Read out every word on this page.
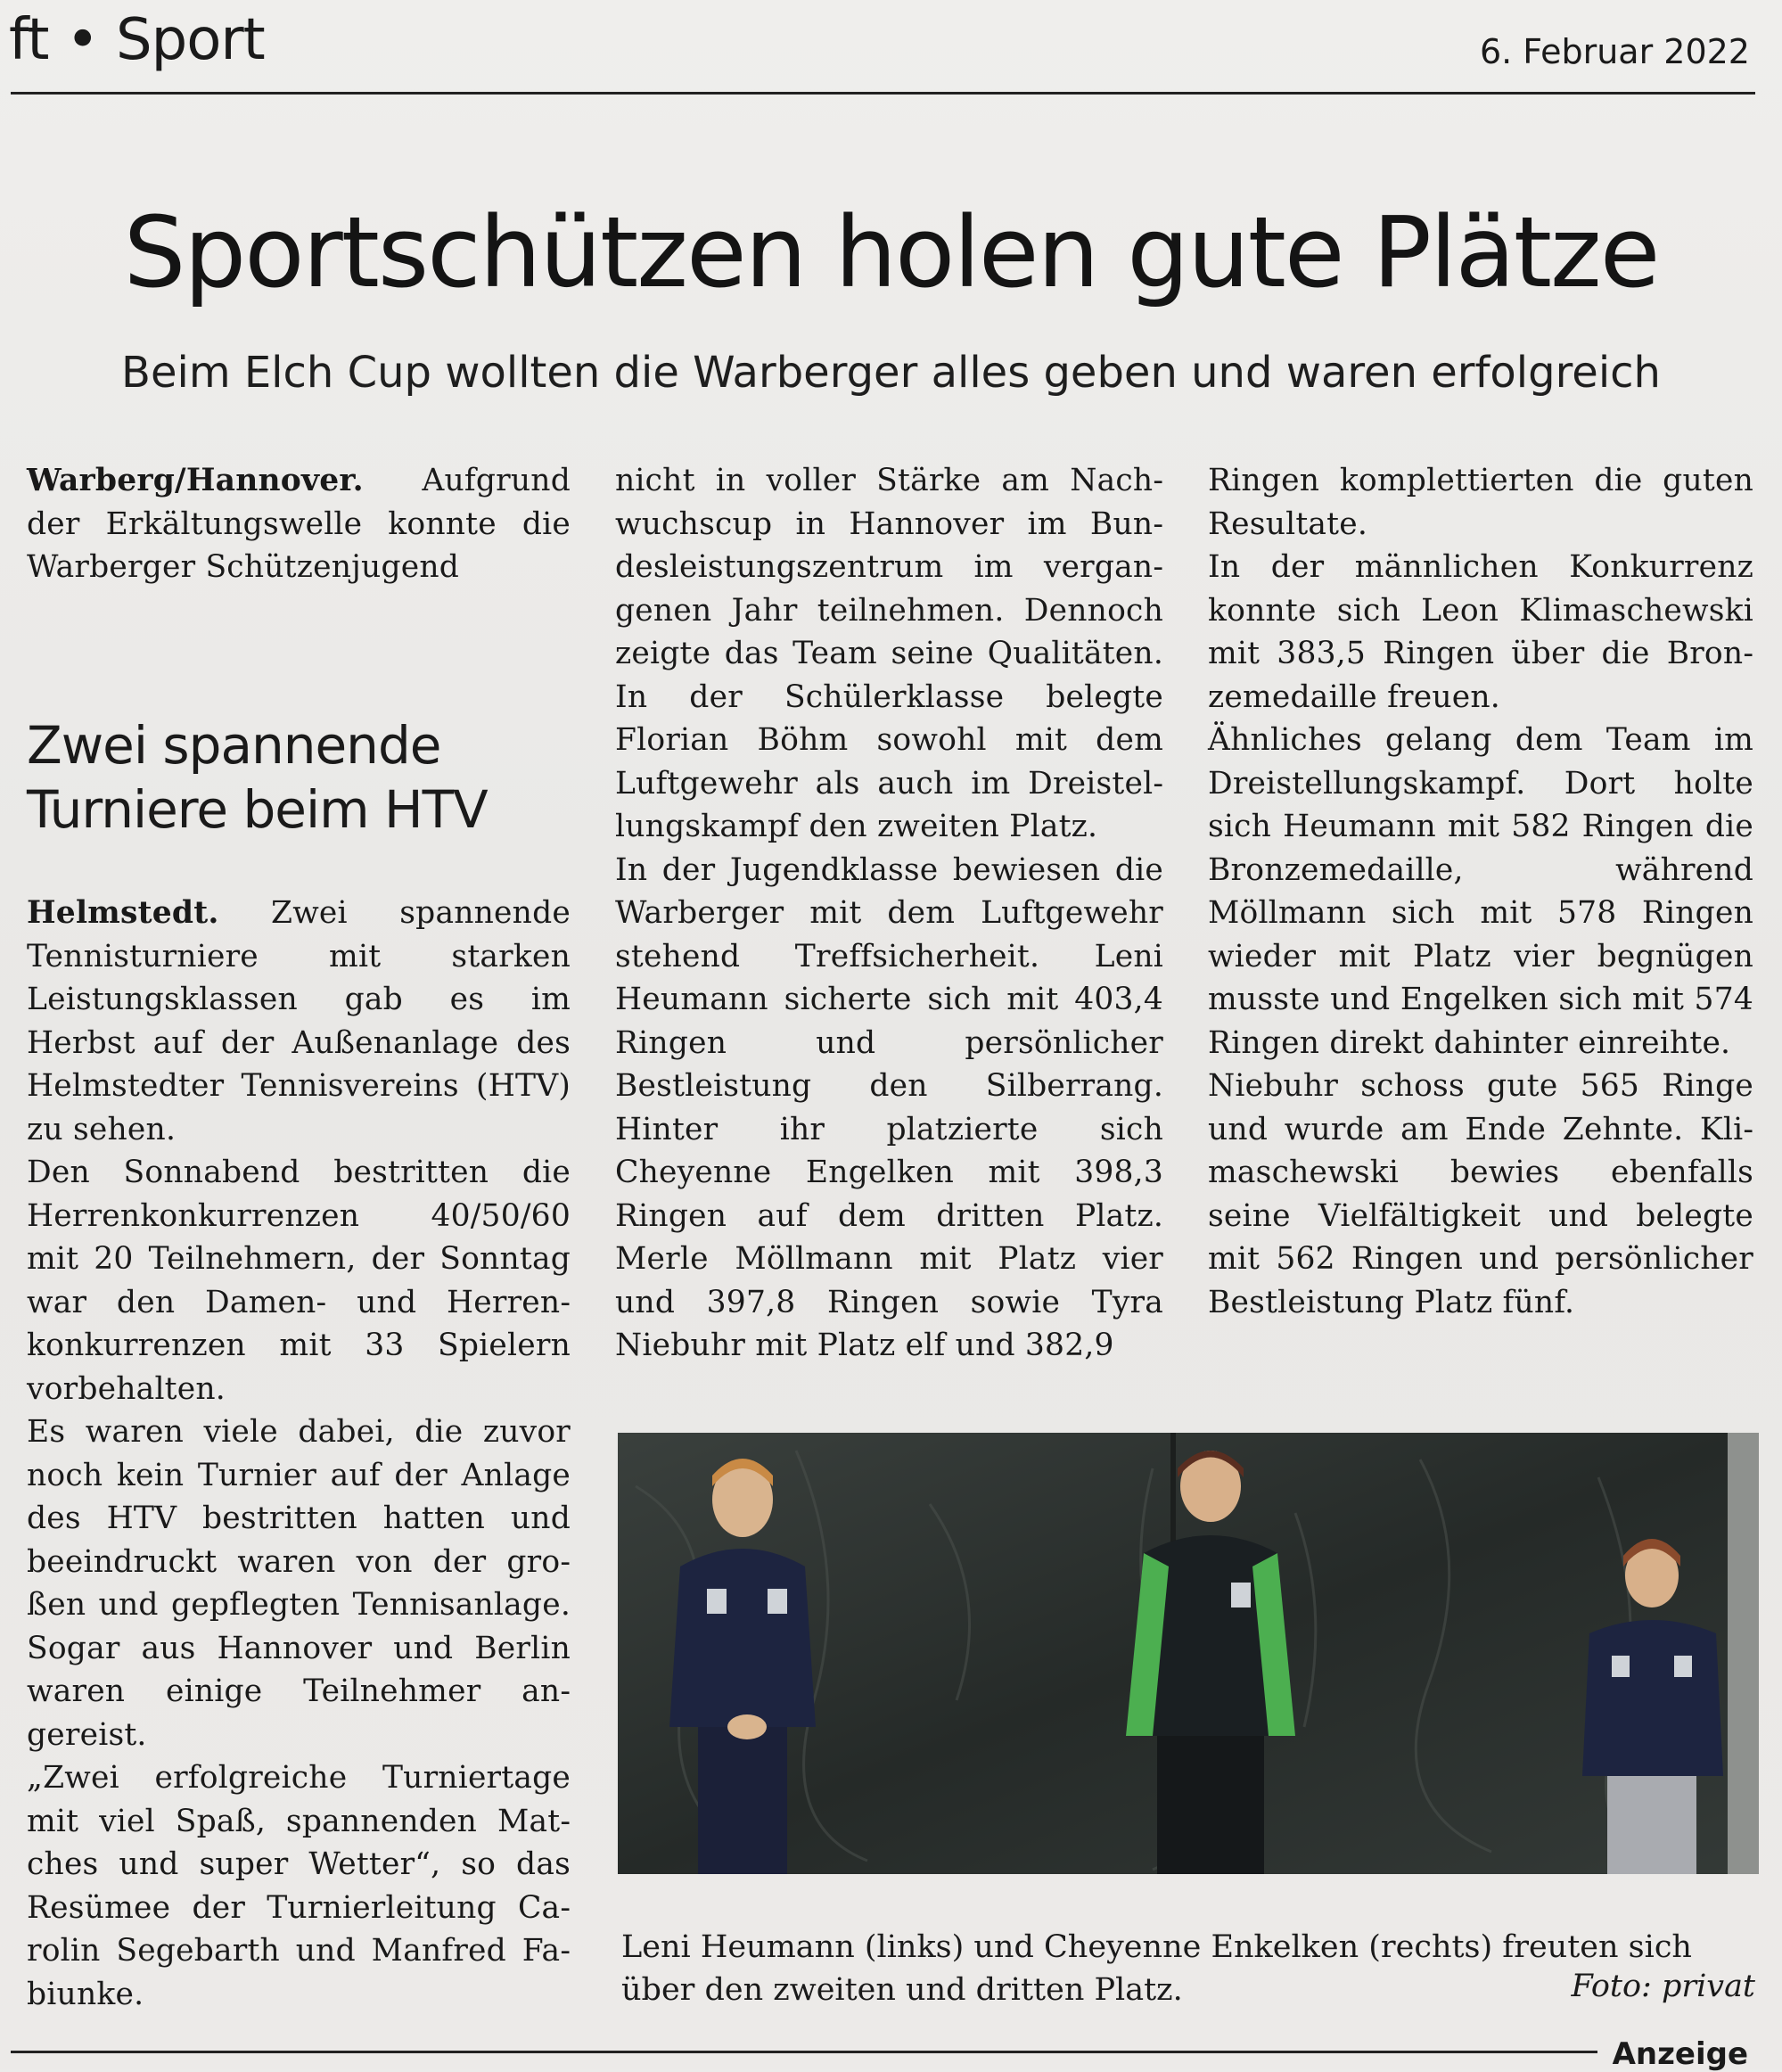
ft • Sport	6. Februar 2022
Sportschützen holen gute Plätze
Beim Elch Cup wollten die Warberger alles geben und waren erfolgreich

Warberg/Hannover. Aufgrund der Erkältungswelle konnte die Warberger Schützenjugend

Zwei spannende Turniere beim HTV

Helmstedt. Zwei spannende Tennisturniere mit starken Leistungsklassen gab es im Herbst auf der Außenanlage des Helmstedter Tennisvereins (HTV) zu sehen.

Den Sonnabend bestritten die Herrenkonkurrenzen 40/50/60 mit 20 Teilnehmern, der Sonntag war den Damen- und Herrenkonkurrenzen mit 33 Spielern vorbehalten.

Es waren viele dabei, die zuvor noch kein Turnier auf der Anlage des HTV bestritten hatten und beeindruckt waren von der großen und gepflegten Tennisanlage. Sogar aus Hannover und Berlin waren einige Teilnehmer angereist.

„Zwei erfolgreiche Turniertage mit viel Spaß, spannenden Matches und super Wetter“, so das Resümee der Turnierleitung Carolin Segebarth und Manfred Fabiunke.

nicht in voller Stärke am Nachwuchscup in Hannover im Bundesleistungszentrum im vergangenen Jahr teilnehmen. Dennoch zeigte das Team seine Qualitäten. In der Schülerklasse belegte Florian Böhm sowohl mit dem Luftgewehr als auch im Dreistellungskampf den zweiten Platz.

In der Jugendklasse bewiesen die Warberger mit dem Luftgewehr stehend Treffsicherheit. Leni Heumann sicherte sich mit 403,4 Ringen und persönlicher Bestleistung den Silberrang. Hinter ihr platzierte sich Cheyenne Engelken mit 398,3 Ringen auf dem dritten Platz. Merle Möllmann mit Platz vier und 397,8 Ringen sowie Tyra Niebuhr mit Platz elf und 382,9

Ringen komplettierten die guten Resultate.

In der männlichen Konkurrenz konnte sich Leon Klimaschewski mit 383,5 Ringen über die Bronzemedaille freuen.

Ähnliches gelang dem Team im Dreistellungskampf. Dort holte sich Heumann mit 582 Ringen die Bronzemedaille, während Möllmann sich mit 578 Ringen wieder mit Platz vier begnügen musste und Engelken sich mit 574 Ringen direkt dahinter einreihte.

Niebuhr schoss gute 565 Ringe und wurde am Ende Zehnte. Klimaschewski bewies ebenfalls seine Vielfältigkeit und belegte mit 562 Ringen und persönlicher Bestleistung Platz fünf.

Leni Heumann (links) und Cheyenne Enkelken (rechts) freuten sich über den zweiten und dritten Platz.	Foto: privat
Anzeige
